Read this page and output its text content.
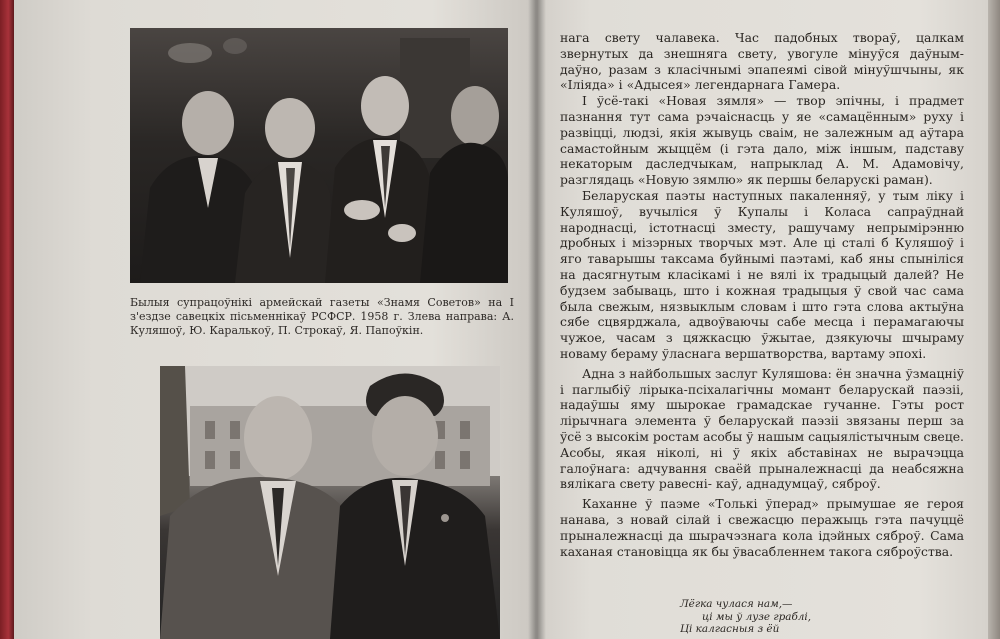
Былыя супрацоўнікі армейскай газеты «Знамя Советов» на I з'ездзе савецкіх пісьменнікаў РСФСР. 1958 г. Злева направа: А. Куляшоў, Ю. Каралькоў, П. Строкаў, Я. Папоўкін.

нага свету чалавека. Час падобных твораў, цалкам звернутых да знешняга свету, увогуле мінуўся даўным-даўно, разам з класічнымі эпапеямі сівой мінуўшчыны, як «Іліяда» і «Адысея» легендарнага Гамера.

І ўсё-такі «Новая зямля» — твор эпічны, і прадмет пазнання тут сама рэчаіснасць у яе «самацённым» руху і развіцці, людзі, якія жывуць сваім, не залежным ад аўтара самастойным жыццём (і гэта дало, між іншым, падставу некаторым даследчыкам, напрыклад А. М. Адамовічу, разглядаць «Новую зямлю» як першы беларускі раман).

Беларуская паэты наступных пакаленняў, у тым ліку і Куляшоў, вучыліся ў Купалы і Коласа сапраўднай народнасці, істотнасці зместу, рашучаму непрымірэнню дробных і мізэрных творчых мэт. Але ці сталі б Куляшоў і яго таварышы таксама буйнымі паэтамі, каб яны спыніліся на дасягнутым класікамі і не вялі іх традыцый далей? Не будзем забываць, што і кожная традыцыя ў свой час сама была свежым, нязвыклым словам і што гэта слова актыўна сябе сцвярджала, адвоўваючы сабе месца і перамагаючы чужое, часам з цяжкасцю ўжытае, дзякуючы шчыраму новаму бераму ўласнага вершатворства, вартаму эпохі.

Адна з найбольшых заслуг Куляшова: ён значна ўзмацніў і паглыбіў лірыка-псіхалагічны момант беларускай паэзіі, надаўшы яму шырокае грамадскае гучанне. Гэты рост лірычнага элемента ў беларускай паэзіі звязаны перш за ўсё з высокім ростам асобы ў нашым сацыялістычным свеце. Асобы, якая ніколі, ні ў якіх абставінах не вырачэцца галоўнага: адчування сваёй прыналежнасці да неабсяжна вялікага свету равесні- каў, аднадумцаў, сяброў.

Каханне ў паэме «Толькі ўперад» прымушае яе героя нанава, з новай сілай і свежасцю перажыць гэта пачуццё прыналежнасці да шырачэзнага кола ідэйных сяброў. Сама каханая становіцца як бы ўвасабленнем такога сяброўства.

Лёгка чулася нам,—
ці мы ў лузе граблі,
Ці калгасныя з ёй
